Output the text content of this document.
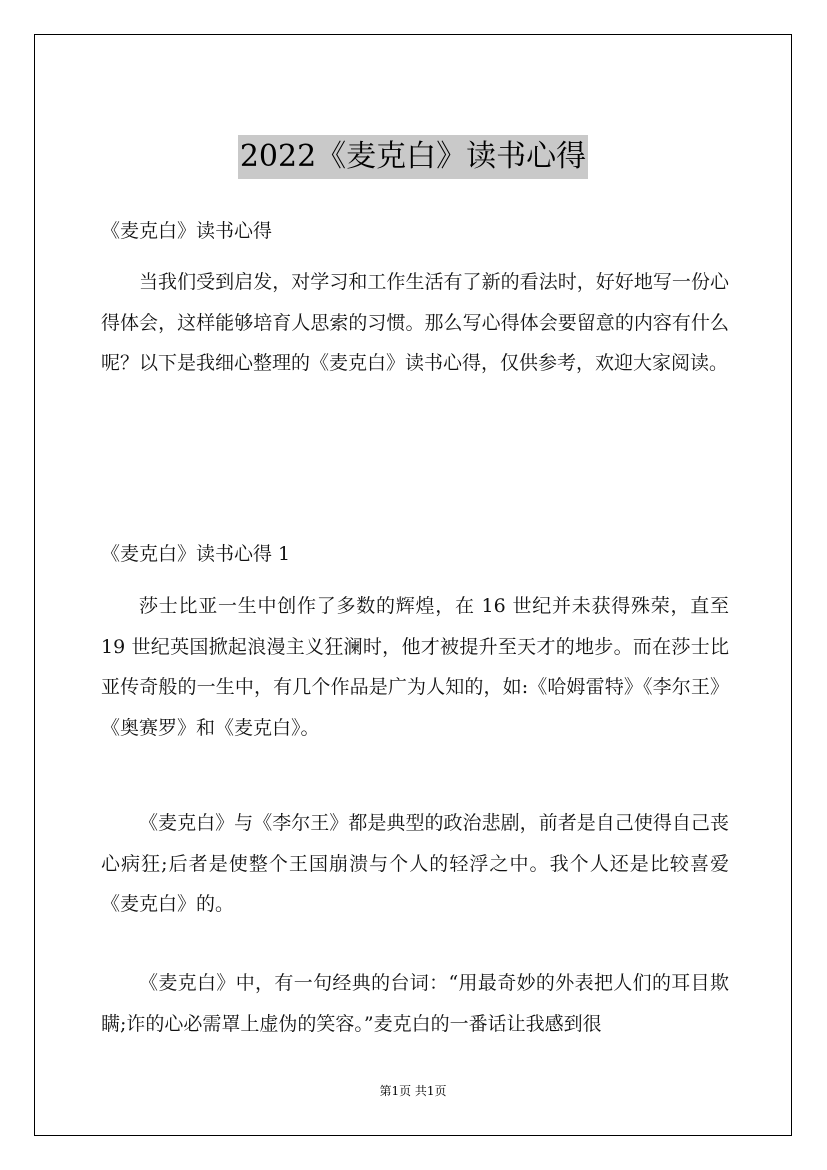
2022《麦克白》读书心得
《麦克白》读书心得

当我们受到启发，对学习和工作生活有了新的看法时，好好地写一份心得体会，这样能够培育人思索的习惯。那么写心得体会要留意的内容有什么呢？以下是我细心整理的《麦克白》读书心得，仅供参考，欢迎大家阅读。

《麦克白》读书心得 1

莎士比亚一生中创作了多数的辉煌，在 16 世纪并未获得殊荣，直至 19 世纪英国掀起浪漫主义狂澜时，他才被提升至天才的地步。而在莎士比亚传奇般的一生中，有几个作品是广为人知的，如:《哈姆雷特》《李尔王》《奥赛罗》和《麦克白》。

《麦克白》与《李尔王》都是典型的政治悲剧，前者是自己使得自己丧心病狂;后者是使整个王国崩溃与个人的轻浮之中。我个人还是比较喜爱《麦克白》的。

《麦克白》中，有一句经典的台词：“用最奇妙的外表把人们的耳目欺瞒;诈的心必需罩上虚伪的笑容。”麦克白的一番话让我感到很

第1页 共1页
